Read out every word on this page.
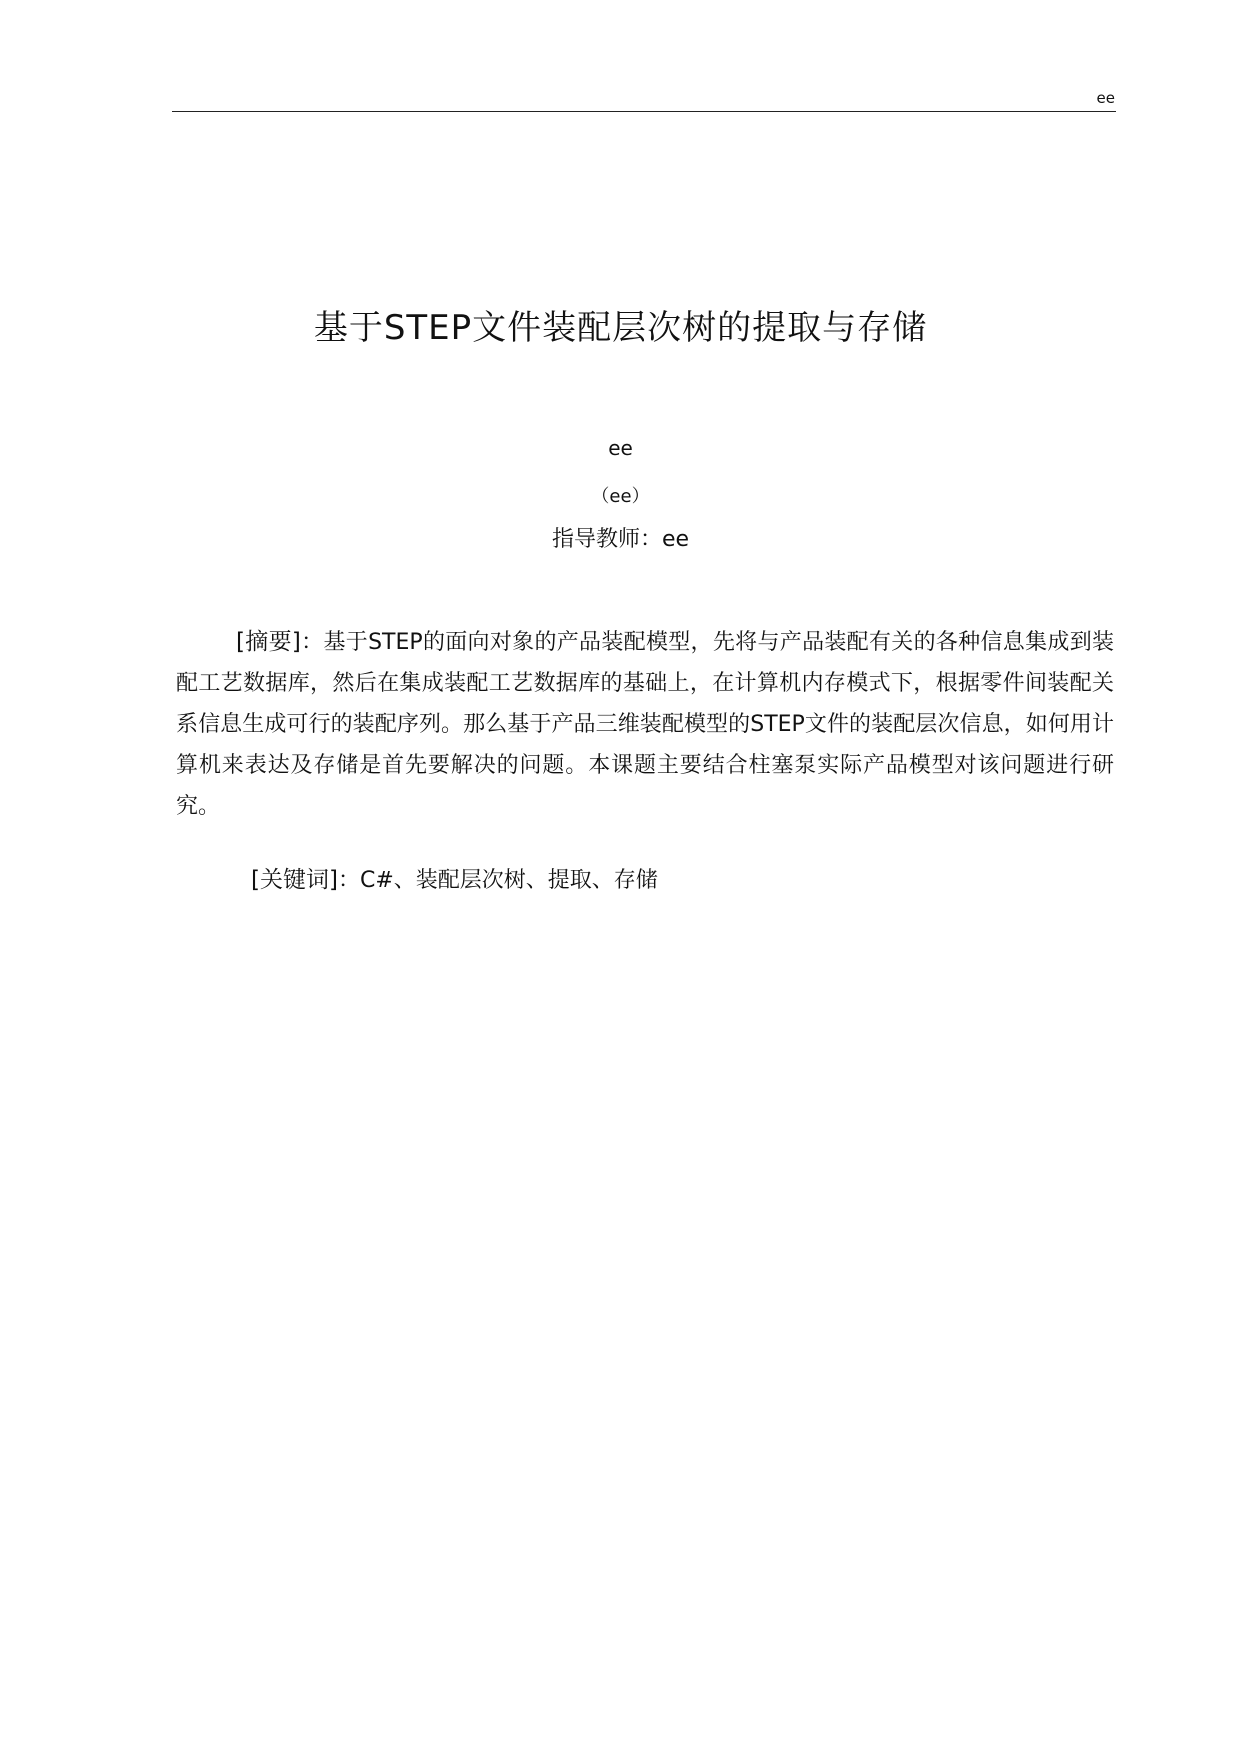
ee
基于STEP文件装配层次树的提取与存储
ee
（ee）
指导教师：ee

[摘要]：基于STEP的面向对象的产品装配模型，先将与产品装配有关的各种信息集成到装配工艺数据库，然后在集成装配工艺数据库的基础上，在计算机内存模式下，根据零件间装配关系信息生成可行的装配序列。那么基于产品三维装配模型的STEP文件的装配层次信息，如何用计算机来表达及存储是首先要解决的问题。本课题主要结合柱塞泵实际产品模型对该问题进行研究。

[关键词]：C#、装配层次树、提取、存储
